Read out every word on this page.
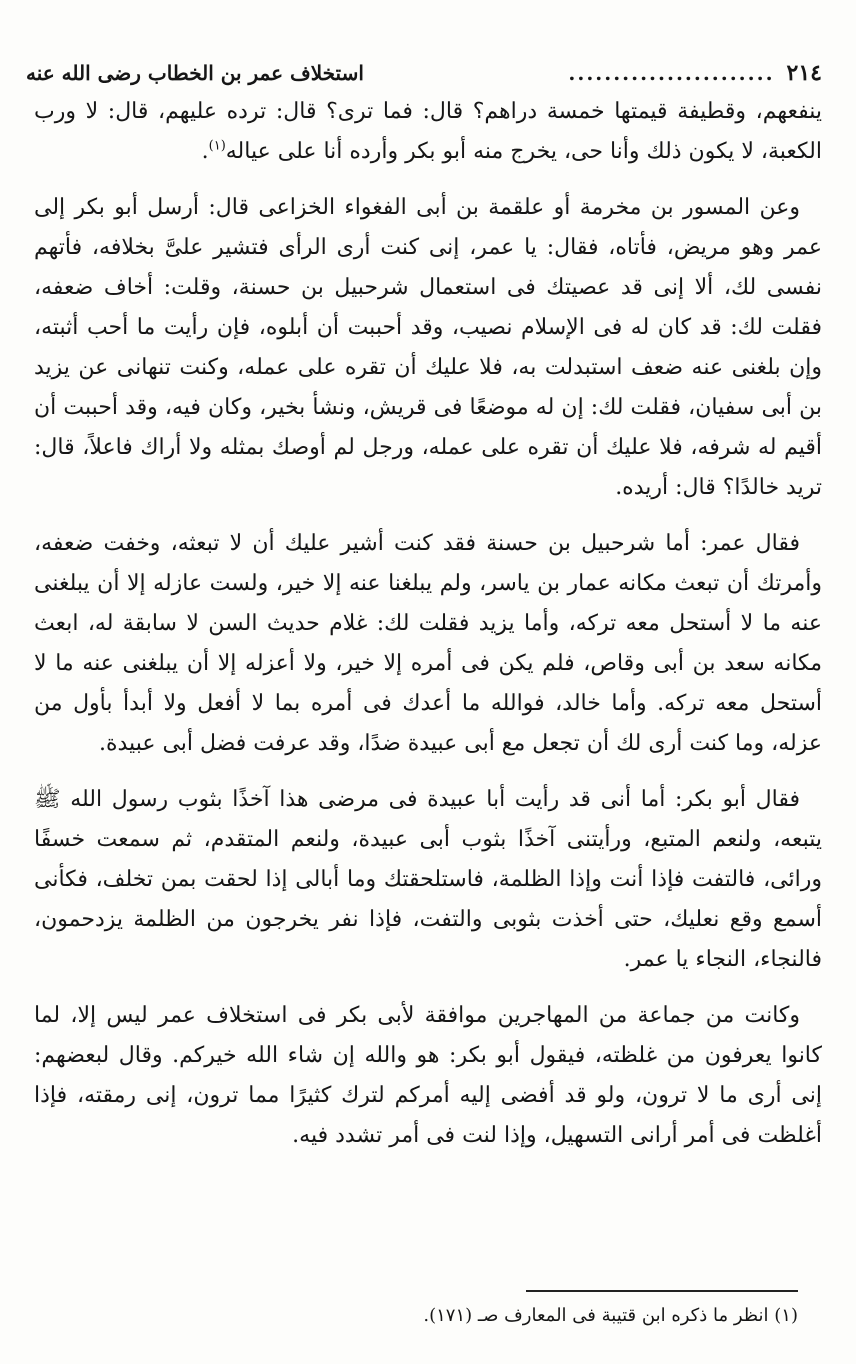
٢١٤
.......................
استخلاف عمر بن الخطاب رضى الله عنه

ينفعهم، وقطيفة قيمتها خمسة دراهم؟ قال: فما ترى؟ قال: ترده عليهم، قال: لا ورب الكعبة، لا يكون ذلك وأنا حى، يخرج منه أبو بكر وأرده أنا على عياله$^{(١)}$.

وعن المسور بن مخرمة أو علقمة بن أبى الفغواء الخزاعى قال: أرسل أبو بكر إلى عمر وهو مريض، فأتاه، فقال: يا عمر، إنى كنت أرى الرأى فتشير علىَّ بخلافه، فأتهم نفسى لك، ألا إنى قد عصيتك فى استعمال شرحبيل بن حسنة، وقلت: أخاف ضعفه، فقلت لك: قد كان له فى الإسلام نصيب، وقد أحببت أن أبلوه، فإن رأيت ما أحب أثبته، وإن بلغنى عنه ضعف استبدلت به، فلا عليك أن تقره على عمله، وكنت تنهانى عن يزيد بن أبى سفيان، فقلت لك: إن له موضعًا فى قريش، ونشأ بخير، وكان فيه، وقد أحببت أن أقيم له شرفه، فلا عليك أن تقره على عمله، ورجل لم أوصك بمثله ولا أراك فاعلاً، قال: تريد خالدًا؟ قال: أريده.

فقال عمر: أما شرحبيل بن حسنة فقد كنت أشير عليك أن لا تبعثه، وخفت ضعفه، وأمرتك أن تبعث مكانه عمار بن ياسر، ولم يبلغنا عنه إلا خير، ولست عازله إلا أن يبلغنى عنه ما لا أستحل معه تركه، وأما يزيد فقلت لك: غلام حديث السن لا سابقة له، ابعث مكانه سعد بن أبى وقاص، فلم يكن فى أمره إلا خير، ولا أعزله إلا أن يبلغنى عنه ما لا أستحل معه تركه. وأما خالد، فوالله ما أعدك فى أمره بما لا أفعل ولا أبدأ بأول من عزله، وما كنت أرى لك أن تجعل مع أبى عبيدة ضدًا، وقد عرفت فضل أبى عبيدة.

فقال أبو بكر: أما أنى قد رأيت أبا عبيدة فى مرضى هذا آخذًا بثوب رسول الله ﷺ يتبعه، ولنعم المتبع، ورأيتنى آخذًا بثوب أبى عبيدة، ولنعم المتقدم، ثم سمعت خسفًا ورائى، فالتفت فإذا أنت وإذا الظلمة، فاستلحقتك وما أبالى إذا لحقت بمن تخلف، فكأنى أسمع وقع نعليك، حتى أخذت بثوبى والتفت، فإذا نفر يخرجون من الظلمة يزدحمون، فالنجاء، النجاء يا عمر.

وكانت من جماعة من المهاجرين موافقة لأبى بكر فى استخلاف عمر ليس إلا، لما كانوا يعرفون من غلظته، فيقول أبو بكر: هو والله إن شاء الله خيركم. وقال لبعضهم: إنى أرى ما لا ترون، ولو قد أفضى إليه أمركم لترك كثيرًا مما ترون، إنى رمقته، فإذا أغلظت فى أمر أرانى التسهيل، وإذا لنت فى أمر تشدد فيه.

(١) انظر ما ذكره ابن قتيبة فى المعارف صـ (١٧١).
